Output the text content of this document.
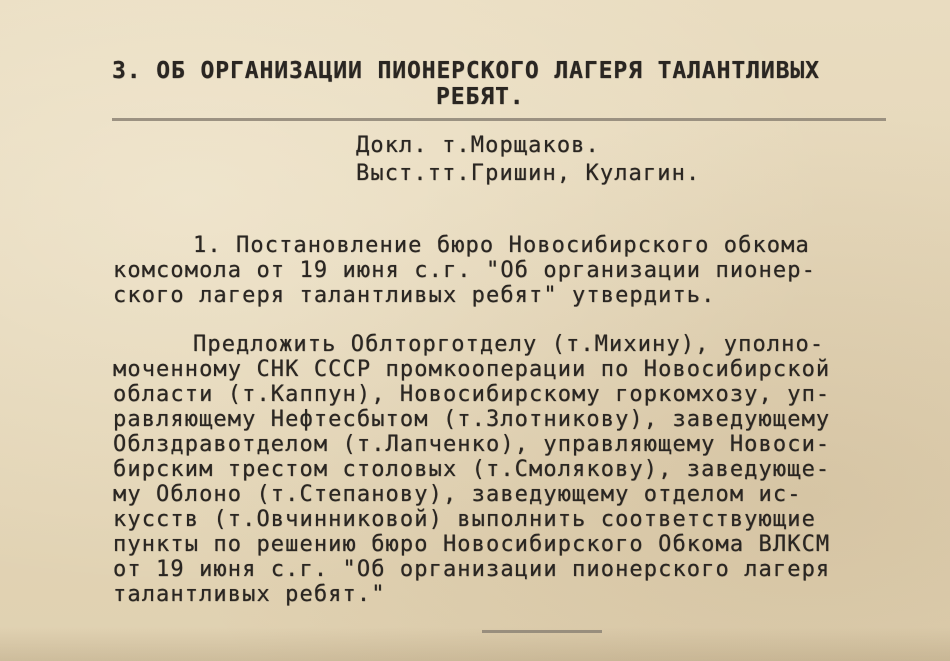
3. ОБ ОРГАНИЗАЦИИ ПИОНЕРСКОГО ЛАГЕРЯ ТАЛАНТЛИВЫХ

РЕБЯТ.

Докл. т.Морщаков.

Выст.тт.Гришин, Кулагин.

1. Постановление бюро Новосибирского обкома

комсомола от 19 июня с.г. "Об организации пионер-

ского лагеря талантливых ребят" утвердить.

Предложить Облторготделу (т.Михину), уполно-

моченному СНК СССР промкооперации по Новосибирской

области (т.Каппун), Новосибирскому горкомхозу, уп-

равляющему Нефтесбытом (т.Злотникову), заведующему

Облздравотделом (т.Лапченко), управляющему Новоси-

бирским трестом столовых (т.Смолякову), заведующе-

му Облоно (т.Степанову), заведующему отделом ис-

кусств (т.Овчинниковой) выполнить соответствующие

пункты по решению бюро Новосибирского Обкома ВЛКСМ

от 19 июня с.г. "Об организации пионерского лагеря

талантливых ребят."
